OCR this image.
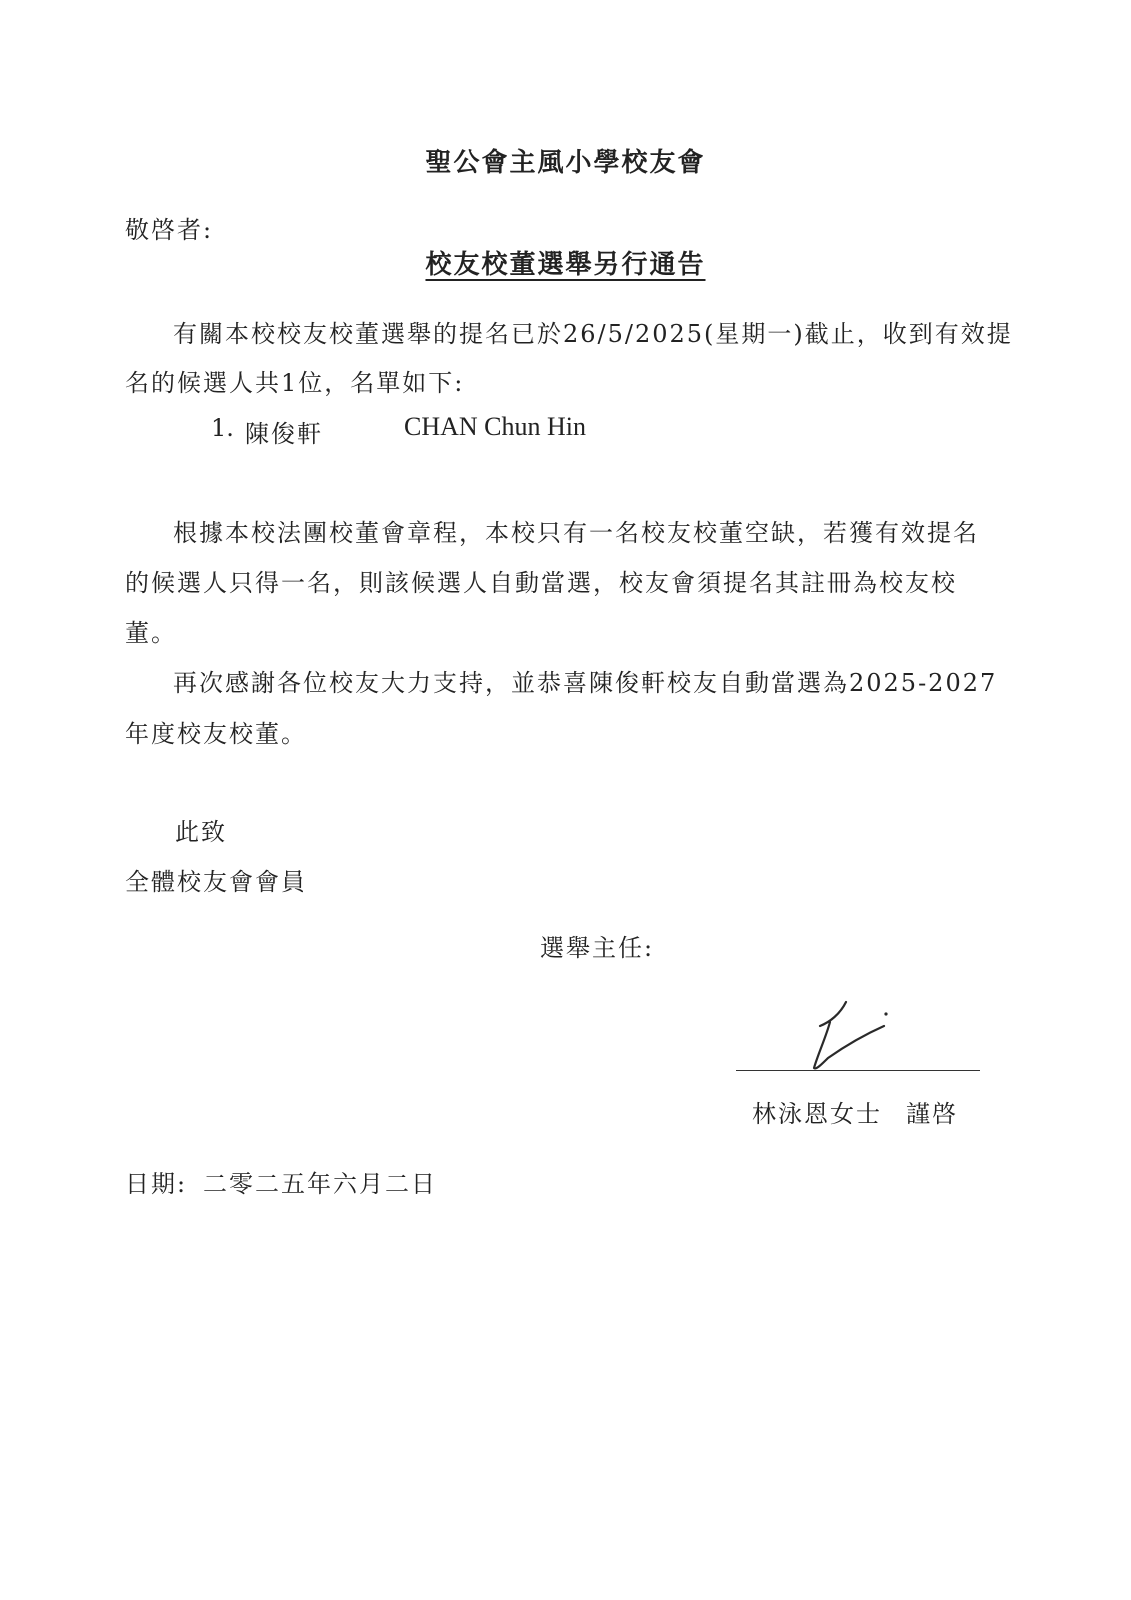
聖公會主風小學校友會
敬啓者:
校友校董選舉另行通告
有關本校校友校董選舉的提名已於26/5/2025(星期一)截止，收到有效提
名的候選人共1位，名單如下:
1. 陳俊軒	CHAN Chun Hin
根據本校法團校董會章程，本校只有一名校友校董空缺，若獲有效提名
的候選人只得一名，則該候選人自動當選，校友會須提名其註冊為校友校
董。
再次感謝各位校友大力支持，並恭喜陳俊軒校友自動當選為2025-2027
年度校友校董。
此致
全體校友會會員
選舉主任:
林泳恩女士 謹啓
日期: 二零二五年六月二日
